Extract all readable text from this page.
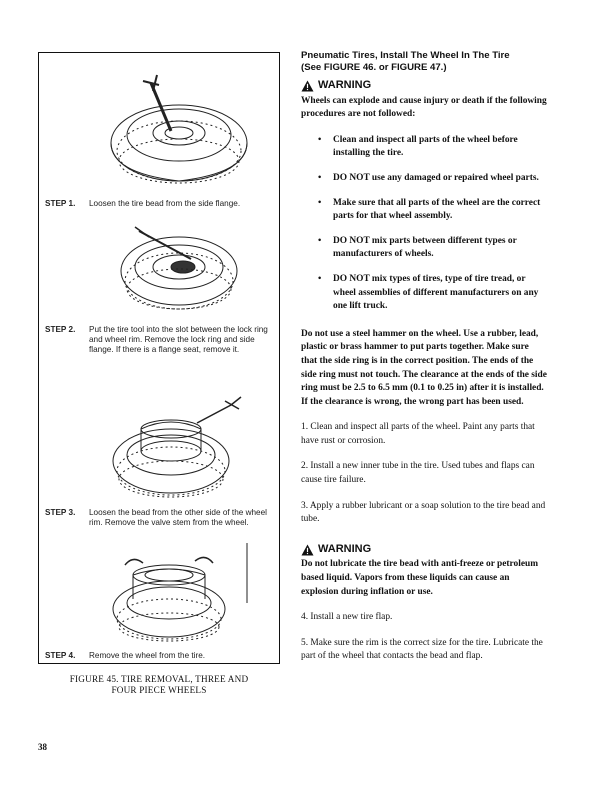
STEP 1.	Loosen the tire bead from the side flange.
STEP 2.	Put the tire tool into the slot between the lock ring and wheel rim. Remove the lock ring and side flange. If there is a flange seat, remove it.
STEP 3.	Loosen the bead from the other side of the wheel rim. Remove the valve stem from the wheel.
STEP 4.	Remove the wheel from the tire.
FIGURE 45. TIRE REMOVAL, THREE AND
FOUR PIECE WHEELS
Pneumatic Tires, Install The Wheel In The Tire
(See FIGURE 46. or FIGURE 47.)
WARNING

Wheels can explode and cause injury or death if the following procedures are not followed:

• Clean and inspect all parts of the wheel before installing the tire.
• DO NOT use any damaged or repaired wheel parts.
• Make sure that all parts of the wheel are the correct parts for that wheel assembly.
• DO NOT mix parts between different types or manufacturers of wheels.
• DO NOT mix types of tires, type of tire tread, or wheel assemblies of different manufacturers on any one lift truck.

Do not use a steel hammer on the wheel. Use a rubber, lead, plastic or brass hammer to put parts together. Make sure that the side ring is in the correct position. The ends of the side ring must not touch. The clearance at the ends of the side ring must be 2.5 to 6.5 mm (0.1 to 0.25 in) after it is installed. If the clearance is wrong, the wrong part has been used.

1. Clean and inspect all parts of the wheel. Paint any parts that have rust or corrosion.

2. Install a new inner tube in the tire. Used tubes and flaps can cause tire failure.

3. Apply a rubber lubricant or a soap solution to the tire bead and tube.

WARNING

Do not lubricate the tire bead with anti-freeze or petroleum based liquid. Vapors from these liquids can cause an explosion during inflation or use.

4. Install a new tire flap.

5. Make sure the rim is the correct size for the tire. Lubricate the part of the wheel that contacts the bead and flap.

38
